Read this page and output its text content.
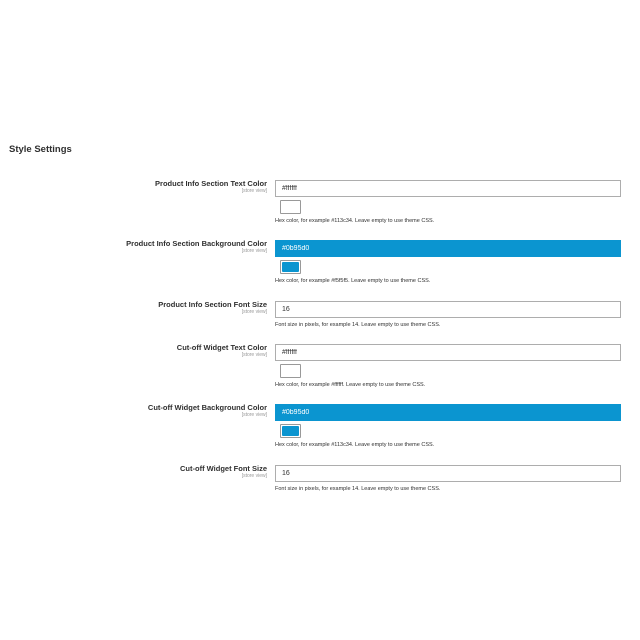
Style Settings
Product Info Section Text Color
[store view]
#ffffff
Hex color, for example #113c34. Leave empty to use theme CSS.
Product Info Section Background Color
[store view]
#0b95d0
Hex color, for example #f5f5f5. Leave empty to use theme CSS.
Product Info Section Font Size
[store view]
16
Font size in pixels, for example 14. Leave empty to use theme CSS.
Cut-off Widget Text Color
[store view]
#ffffff
Hex color, for example #ffffff. Leave empty to use theme CSS.
Cut-off Widget Background Color
[store view]
#0b95d0
Hex color, for example #113c34. Leave empty to use theme CSS.
Cut-off Widget Font Size
[store view]
16
Font size in pixels, for example 14. Leave empty to use theme CSS.
